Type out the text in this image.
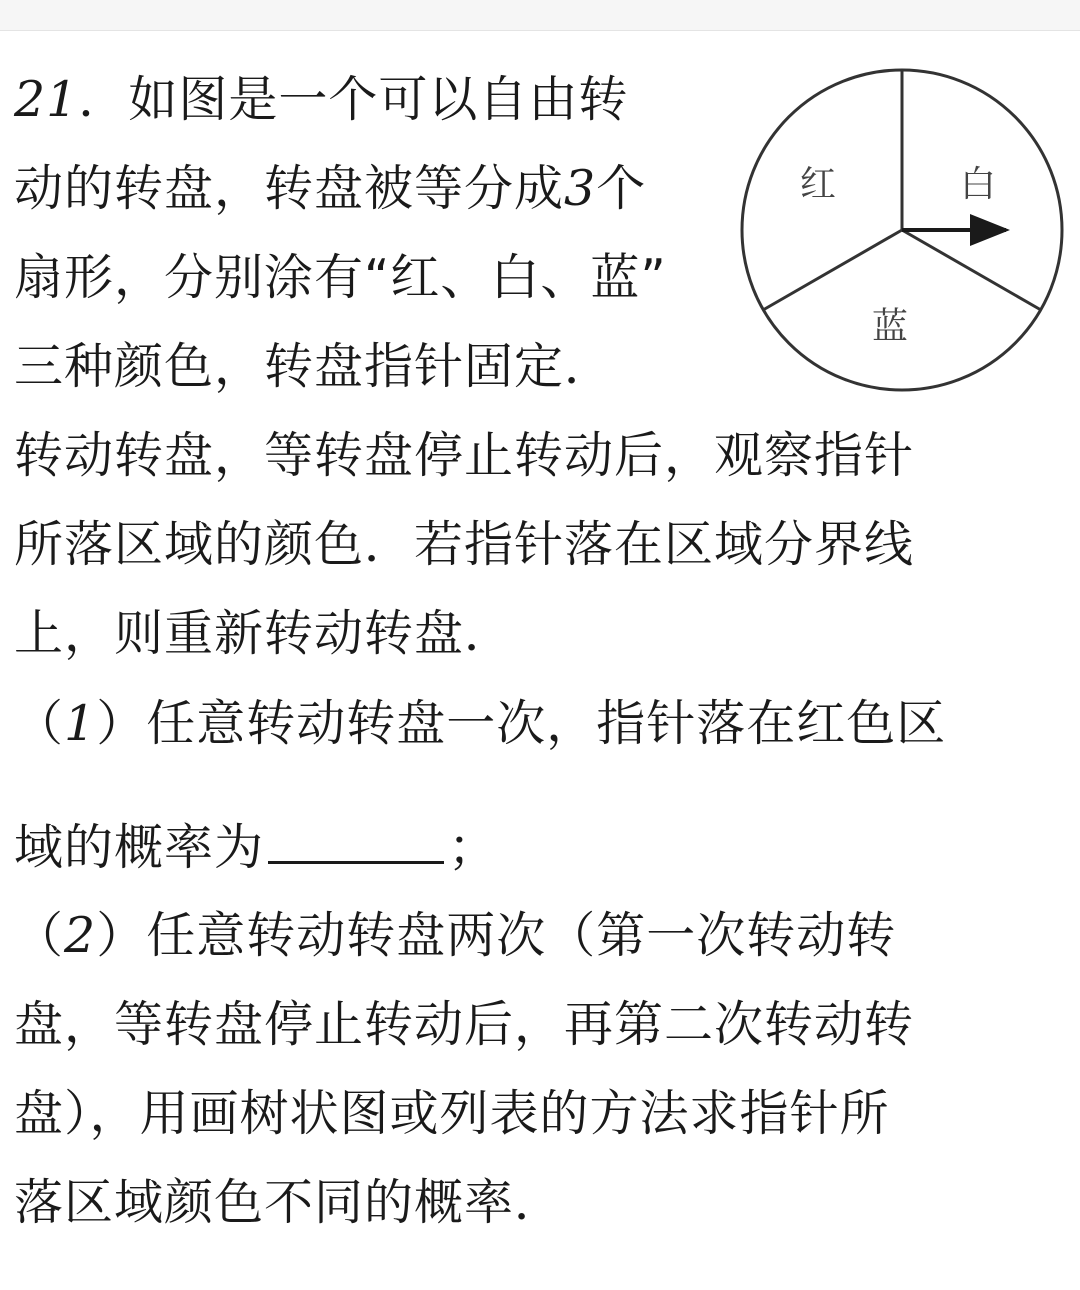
21．如图是一个可以自由转
动的转盘，转盘被等分成3个
扇形，分别涂有“红、白、蓝”
三种颜色，转盘指针固定．
转动转盘，等转盘停止转动后，观察指针
所落区域的颜色．若指针落在区域分界线
上，则重新转动转盘．
（1）任意转动转盘一次，指针落在红色区
域的概率为	；
（2）任意转动转盘两次（第一次转动转
盘，等转盘停止转动后，再第二次转动转
盘），用画树状图或列表的方法求指针所
落区域颜色不同的概率．
红	白
蓝
